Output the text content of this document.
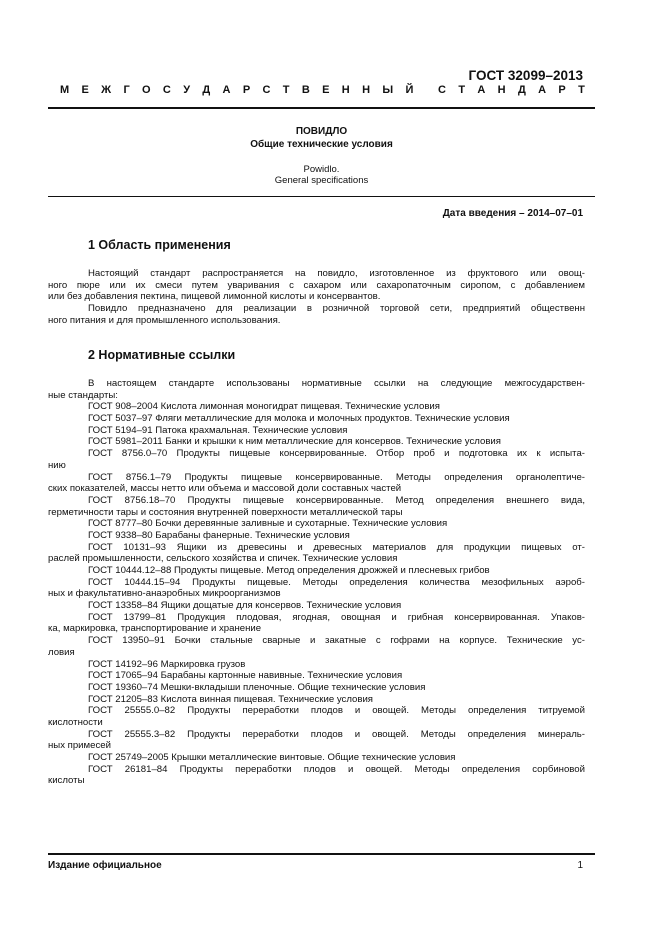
ГОСТ 32099–2013
М Е Ж Г О С У Д А Р С Т В Е Н Н Ы Й С Т А Н Д А Р Т
ПОВИДЛО
Общие технические условия
Powidlo.
General specifications
Дата введения – 2014–07–01
1 Область применения
Настоящий стандарт распространяется на повидло, изготовленное из фруктового или овощ-
ного пюре или их смеси путем уваривания с сахаром или сахаропаточным сиропом, с добавлением
или без добавления пектина, пищевой лимонной кислоты и консервантов.
Повидло предназначено для реализации в розничной торговой сети, предприятий общественн
ного питания и для промышленного использования.
2 Нормативные ссылки
В настоящем стандарте использованы нормативные ссылки на следующие межгосударствен-
ные стандарты:
ГОСТ 908–2004 Кислота лимонная моногидрат пищевая. Технические условия
ГОСТ 5037–97 Фляги металлические для молока и молочных продуктов. Технические условия
ГОСТ 5194–91 Патока крахмальная. Технические условия
ГОСТ 5981–2011 Банки и крышки к ним металлические для консервов. Технические условия
ГОСТ 8756.0–70 Продукты пищевые консервированные. Отбор проб и подготовка их к испыта-
нию
ГОСТ 8756.1–79 Продукты пищевые консервированные. Методы определения органолептиче-
ских показателей, массы нетто или объема и массовой доли составных частей
ГОСТ 8756.18–70 Продукты пищевые консервированные. Метод определения внешнего вида,
герметичности тары и состояния внутренней поверхности металлической тары
ГОСТ 8777–80 Бочки деревянные заливные и сухотарные. Технические условия
ГОСТ 9338–80 Барабаны фанерные. Технические условия
ГОСТ 10131–93 Ящики из древесины и древесных материалов для продукции пищевых от-
раслей промышленности, сельского хозяйства и спичек. Технические условия
ГОСТ 10444.12–88 Продукты пищевые. Метод определения дрожжей и плесневых грибов
ГОСТ 10444.15–94 Продукты пищевые. Методы определения количества мезофильных аэроб-
ных и факультативно-анаэробных микроорганизмов
ГОСТ 13358–84 Ящики дощатые для консервов. Технические условия
ГОСТ 13799–81 Продукция плодовая, ягодная, овощная и грибная консервированная. Упаков-
ка, маркировка, транспортирование и хранение
ГОСТ 13950–91 Бочки стальные сварные и закатные с гофрами на корпусе. Технические ус-
ловия
ГОСТ 14192–96 Маркировка грузов
ГОСТ 17065–94 Барабаны картонные навивные. Технические условия
ГОСТ 19360–74 Мешки-вкладыши пленочные. Общие технические условия
ГОСТ 21205–83 Кислота винная пищевая. Технические условия
ГОСТ 25555.0–82 Продукты переработки плодов и овощей. Методы определения титруемой
кислотности
ГОСТ 25555.3–82 Продукты переработки плодов и овощей. Методы определения минераль-
ных примесей
ГОСТ 25749–2005 Крышки металлические винтовые. Общие технические условия
ГОСТ 26181–84 Продукты переработки плодов и овощей. Методы определения сорбиновой
кислоты
Издание официальное	1
